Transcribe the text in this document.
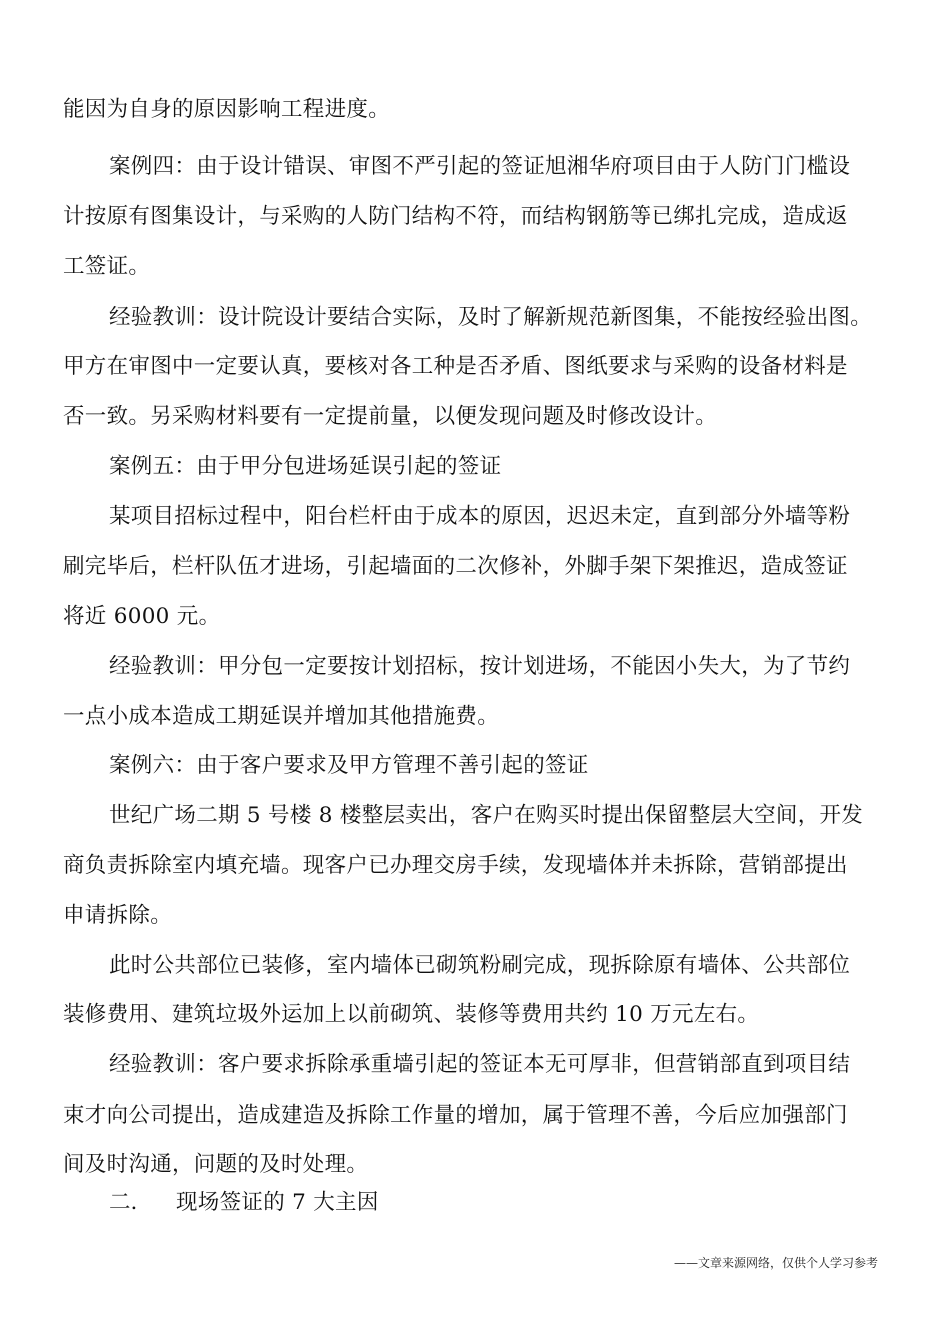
能因为自身的原因影响工程进度。
案例四：由于设计错误、审图不严引起的签证旭湘华府项目由于人防门门槛设
计按原有图集设计，与采购的人防门结构不符，而结构钢筋等已绑扎完成，造成返
工签证。
经验教训：设计院设计要结合实际，及时了解新规范新图集，不能按经验出图。
甲方在审图中一定要认真，要核对各工种是否矛盾、图纸要求与采购的设备材料是
否一致。另采购材料要有一定提前量，以便发现问题及时修改设计。
案例五：由于甲分包进场延误引起的签证
某项目招标过程中，阳台栏杆由于成本的原因，迟迟未定，直到部分外墙等粉
刷完毕后，栏杆队伍才进场，引起墙面的二次修补，外脚手架下架推迟，造成签证
将近 6000 元。
经验教训：甲分包一定要按计划招标，按计划进场，不能因小失大，为了节约
一点小成本造成工期延误并增加其他措施费。
案例六：由于客户要求及甲方管理不善引起的签证
世纪广场二期 5 号楼 8 楼整层卖出，客户在购买时提出保留整层大空间，开发
商负责拆除室内填充墙。现客户已办理交房手续，发现墙体并未拆除，营销部提出
申请拆除。
此时公共部位已装修，室内墙体已砌筑粉刷完成，现拆除原有墙体、公共部位
装修费用、建筑垃圾外运加上以前砌筑、装修等费用共约 10 万元左右。
经验教训：客户要求拆除承重墙引起的签证本无可厚非，但营销部直到项目结
束才向公司提出，造成建造及拆除工作量的增加，属于管理不善，今后应加强部门
间及时沟通，问题的及时处理。
二. 现场签证的 7 大主因
——文章来源网络，仅供个人学习参考
